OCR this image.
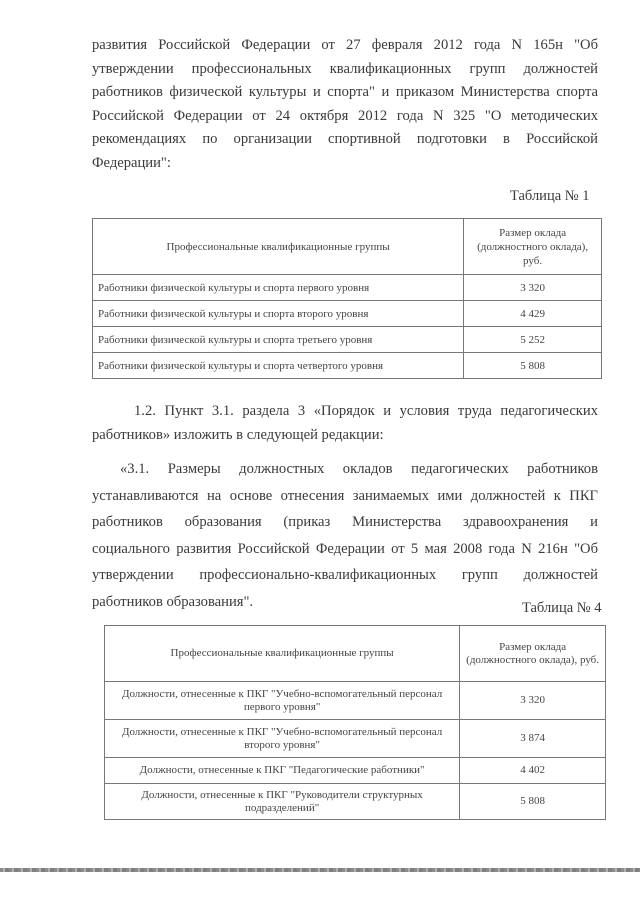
развития Российской Федерации от 27 февраля 2012 года N 165н "Об
утверждении профессиональных квалификационных групп должностей
работников физической культуры и спорта" и приказом Министерства спорта
Российской Федерации от 24 октября 2012 года N 325 "О методических
рекомендациях по организации спортивной подготовки в Российской
Федерации":
Таблица № 1
Профессиональные квалификационные группы	Размер оклада (должностного оклада), руб.
Работники физической культуры и спорта первого уровня	3 320
Работники физической культуры и спорта второго уровня	4 429
Работники физической культуры и спорта третьего уровня	5 252
Работники физической культуры и спорта четвертого уровня	5 808
1.2. Пункт 3.1. раздела 3 «Порядок и условия труда педагогических
работников» изложить в следующей редакции:
«3.1. Размеры должностных окладов педагогических работников
устанавливаются на основе отнесения занимаемых ими должностей к ПКГ
работников образования (приказ Министерства здравоохранения и
социального развития Российской Федерации от 5 мая 2008 года N 216н "Об
утверждении профессионально-квалификационных групп должностей
работников образования".	Таблица № 4
Профессиональные квалификационные группы	Размер оклада (должностного оклада), руб.
Должности, отнесенные к ПКГ "Учебно-вспомогательный персонал первого уровня"	3 320
Должности, отнесенные к ПКГ "Учебно-вспомогательный персонал второго уровня"	3 874
Должности, отнесенные к ПКГ "Педагогические работники"	4 402
Должности, отнесенные к ПКГ "Руководители структурных подразделений"	5 808
